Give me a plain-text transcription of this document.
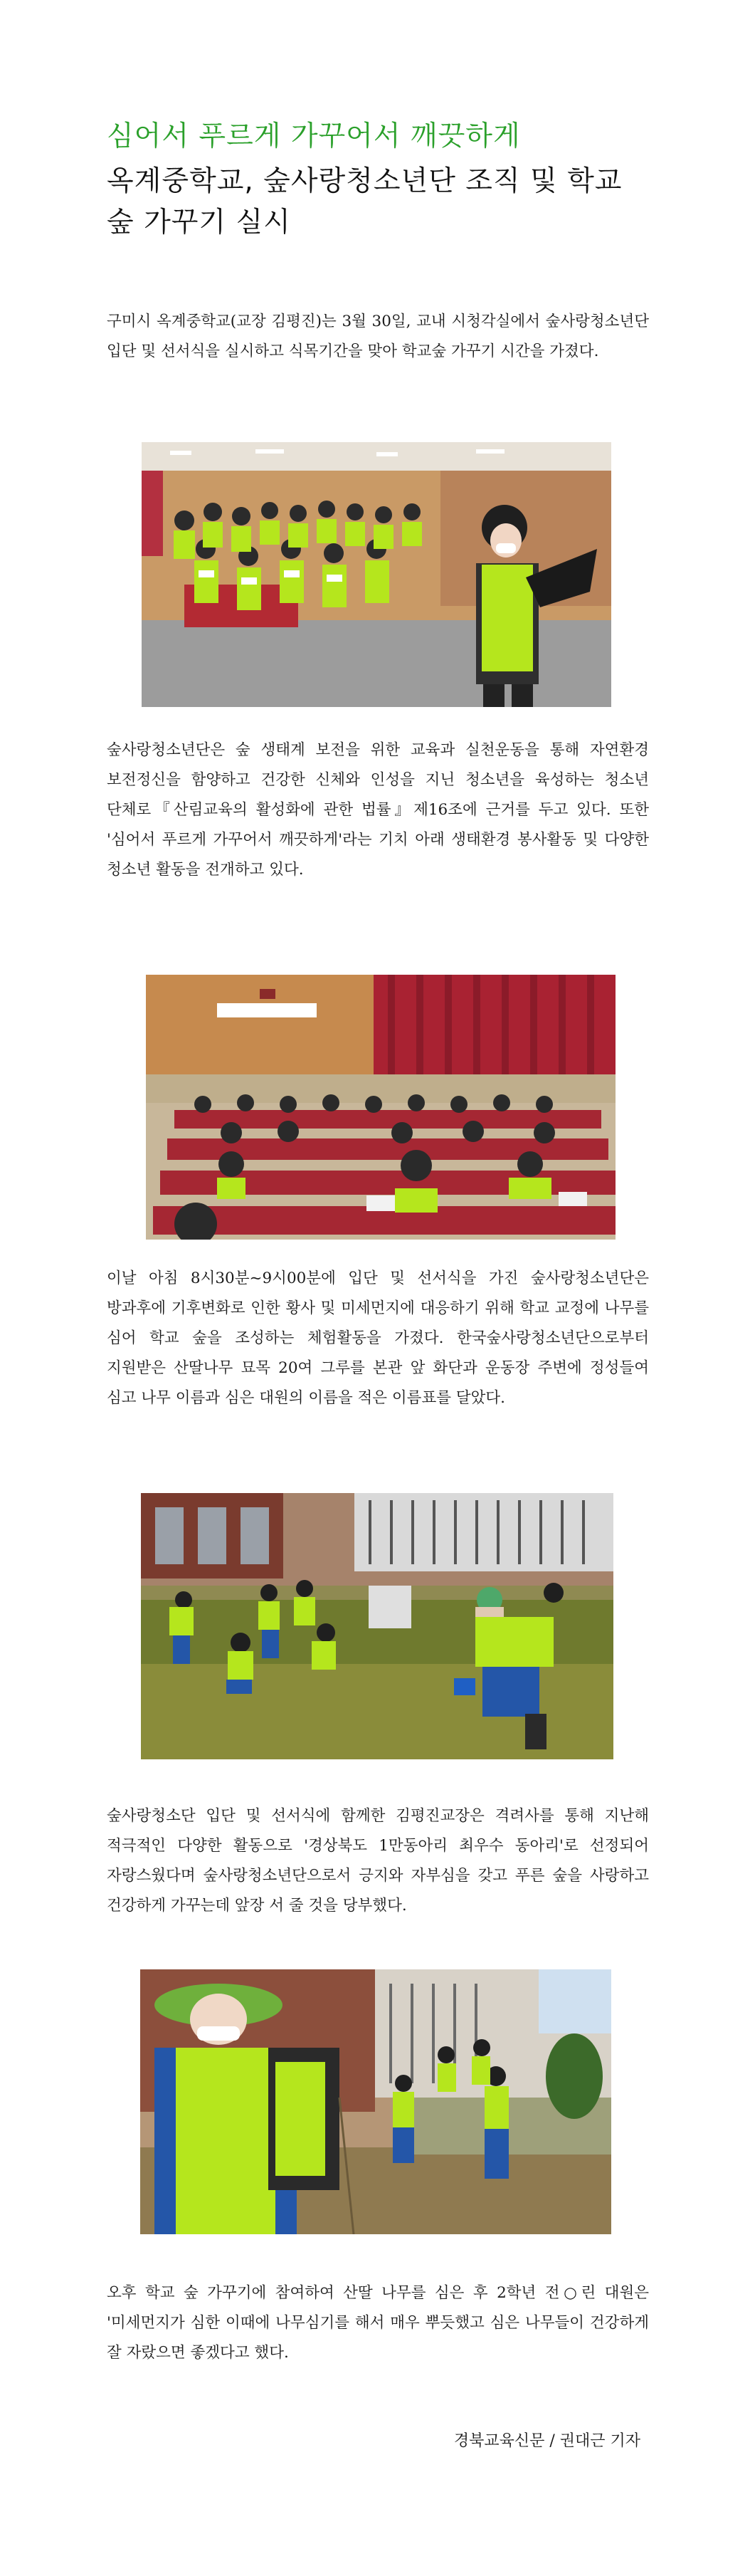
심어서 푸르게 가꾸어서 깨끗하게
옥계중학교, 숲사랑청소년단 조직 및 학교 숲 가꾸기 실시

구미시 옥계중학교(교장 김평진)는 3월 30일, 교내 시청각실에서 숲사랑청소년단 입단 및 선서식을 실시하고 식목기간을 맞아 학교숲 가꾸기 시간을 가졌다.

숲사랑청소년단은 숲 생태계 보전을 위한 교육과 실천운동을 통해 자연환경 보전정신을 함양하고 건강한 신체와 인성을 지닌 청소년을 육성하는 청소년 단체로『산림교육의 활성화에 관한 법률』제16조에 근거를 두고 있다. 또한 '심어서 푸르게 가꾸어서 깨끗하게'라는 기치 아래 생태환경 봉사활동 및 다양한 청소년 활동을 전개하고 있다.

이날 아침 8시30분~9시00분에 입단 및 선서식을 가진 숲사랑청소년단은 방과후에 기후변화로 인한 황사 및 미세먼지에 대응하기 위해 학교 교정에 나무를 심어 학교 숲을 조성하는 체험활동을 가졌다. 한국숲사랑청소년단으로부터 지원받은 산딸나무 묘목 20여 그루를 본관 앞 화단과 운동장 주변에 정성들여 심고 나무 이름과 심은 대원의 이름을 적은 이름표를 달았다.

숲사랑청소단 입단 및 선서식에 함께한 김평진교장은 격려사를 통해 지난해 적극적인 다양한 활동으로 '경상북도 1만동아리 최우수 동아리'로 선정되어 자랑스웠다며 숲사랑청소년단으로서 긍지와 자부심을 갖고 푸른 숲을 사랑하고 건강하게 가꾸는데 앞장 서 줄 것을 당부했다.

오후 학교 숲 가꾸기에 참여하여 산딸 나무를 심은 후 2학년 전○린 대원은 '미세먼지가 심한 이때에 나무심기를 해서 매우 뿌듯했고 심은 나무들이 건강하게 잘 자랐으면 좋겠다고 했다.

경북교육신문 / 권대근 기자
